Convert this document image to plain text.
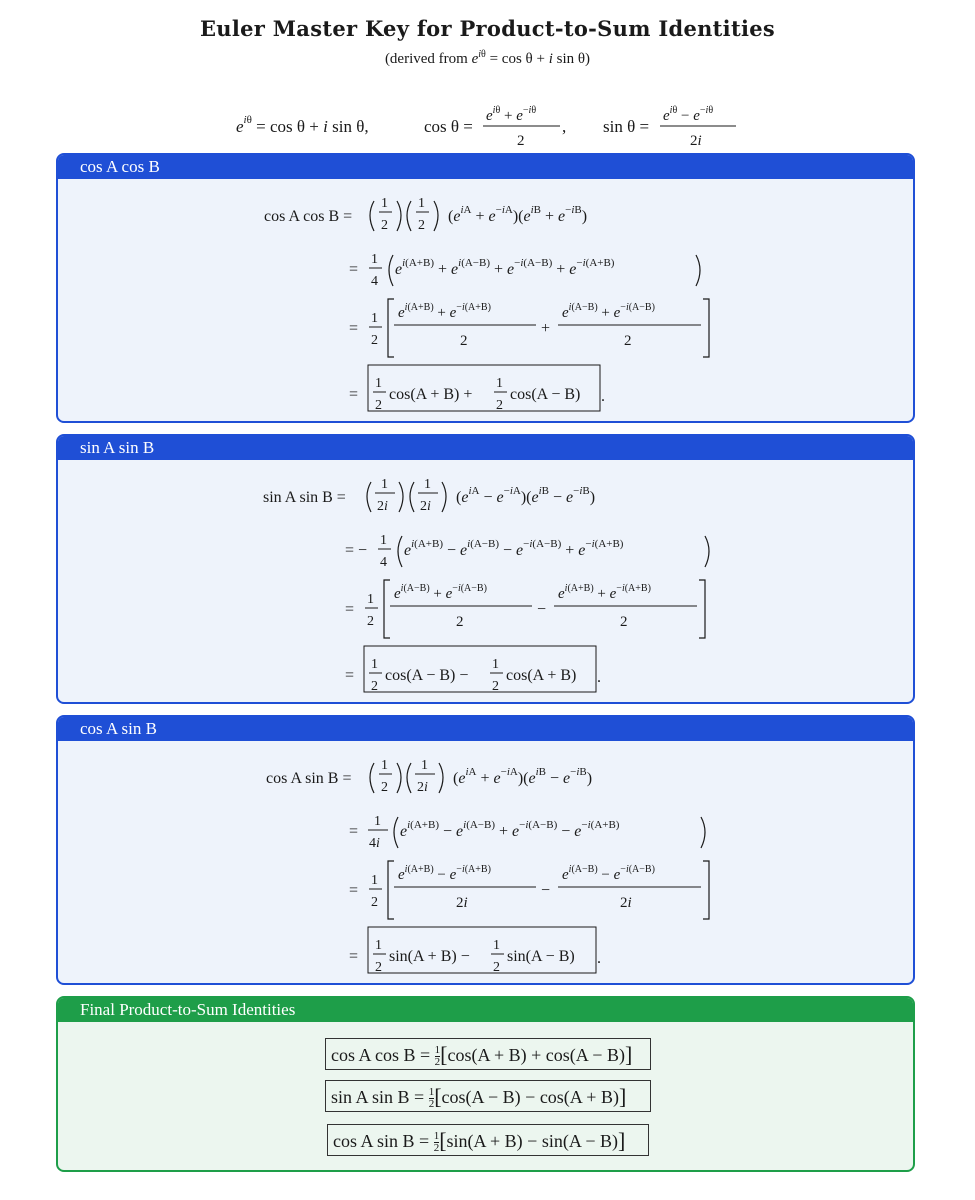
Euler Master Key for Product-to-Sum Identities
(derived from $e^{i\theta} = \cos \theta + i$ sin θ)
$e^i\theta = \cos \theta + i$ sin θ,	cos θ =
$e^i\theta + e^-i\theta$
2
, sin θ =
$e^i\theta - e^-i\theta$
2i
cos A cos B
cos A cos B =
1
2
1
2
$(e^iA + e^-iA)(e^iB + e^-iB)$
=
1
4
$e^i(A+B) + e^i(A-B) + e^-i(A-B) + e^-i(A+B)$
=
1
2
$e^i(A+B) + e^-i(A+B)$
2
+
$e^i(A-B) + e^-i(A-B)$
2
=
1
2
cos(A + B) +
1
2
cos(A − B) .
sin A sin B
sin A sin B =
1
2i
1
2i
$(e^iA - e^-iA)(e^iB - e^-iB)$
= −
1
4
$e^i(A+B) - e^i(A-B) - e^-i(A-B) + e^-i(A+B)$
=
1
2
$e^i(A-B) + e^-i(A-B)$
2
−
$e^i(A+B) + e^-i(A+B)$
2
=
1
2
cos(A − B) −
1
2
cos(A + B) .
cos A sin B
cos A sin B =
1
2
1
2i
$(e^iA + e^-iA)(e^iB - e^-iB)$
=
1
4i
$e^i(A+B) - e^i(A-B) + e^-i(A-B) - e^-i(A+B)$
=
1
2
$e^i(A+B) - e^-i(A+B)$
2i
−
$e^i(A-B) - e^-i(A-B)$
2i
=
1
2
sin(A + B) −
1
2
sin(A − B) .
Final Product-to-Sum Identities
cos A $\cos B = \frac{1}{2} [\cos(A + B) + \cos(A - B)]$
sin A $\sin B = \frac{1}{2} [\cos(A - B) - \cos(A + B)]$
cos A $\sin B = \frac{1}{2} [\sin(A + B) - \sin(A - B)]$
